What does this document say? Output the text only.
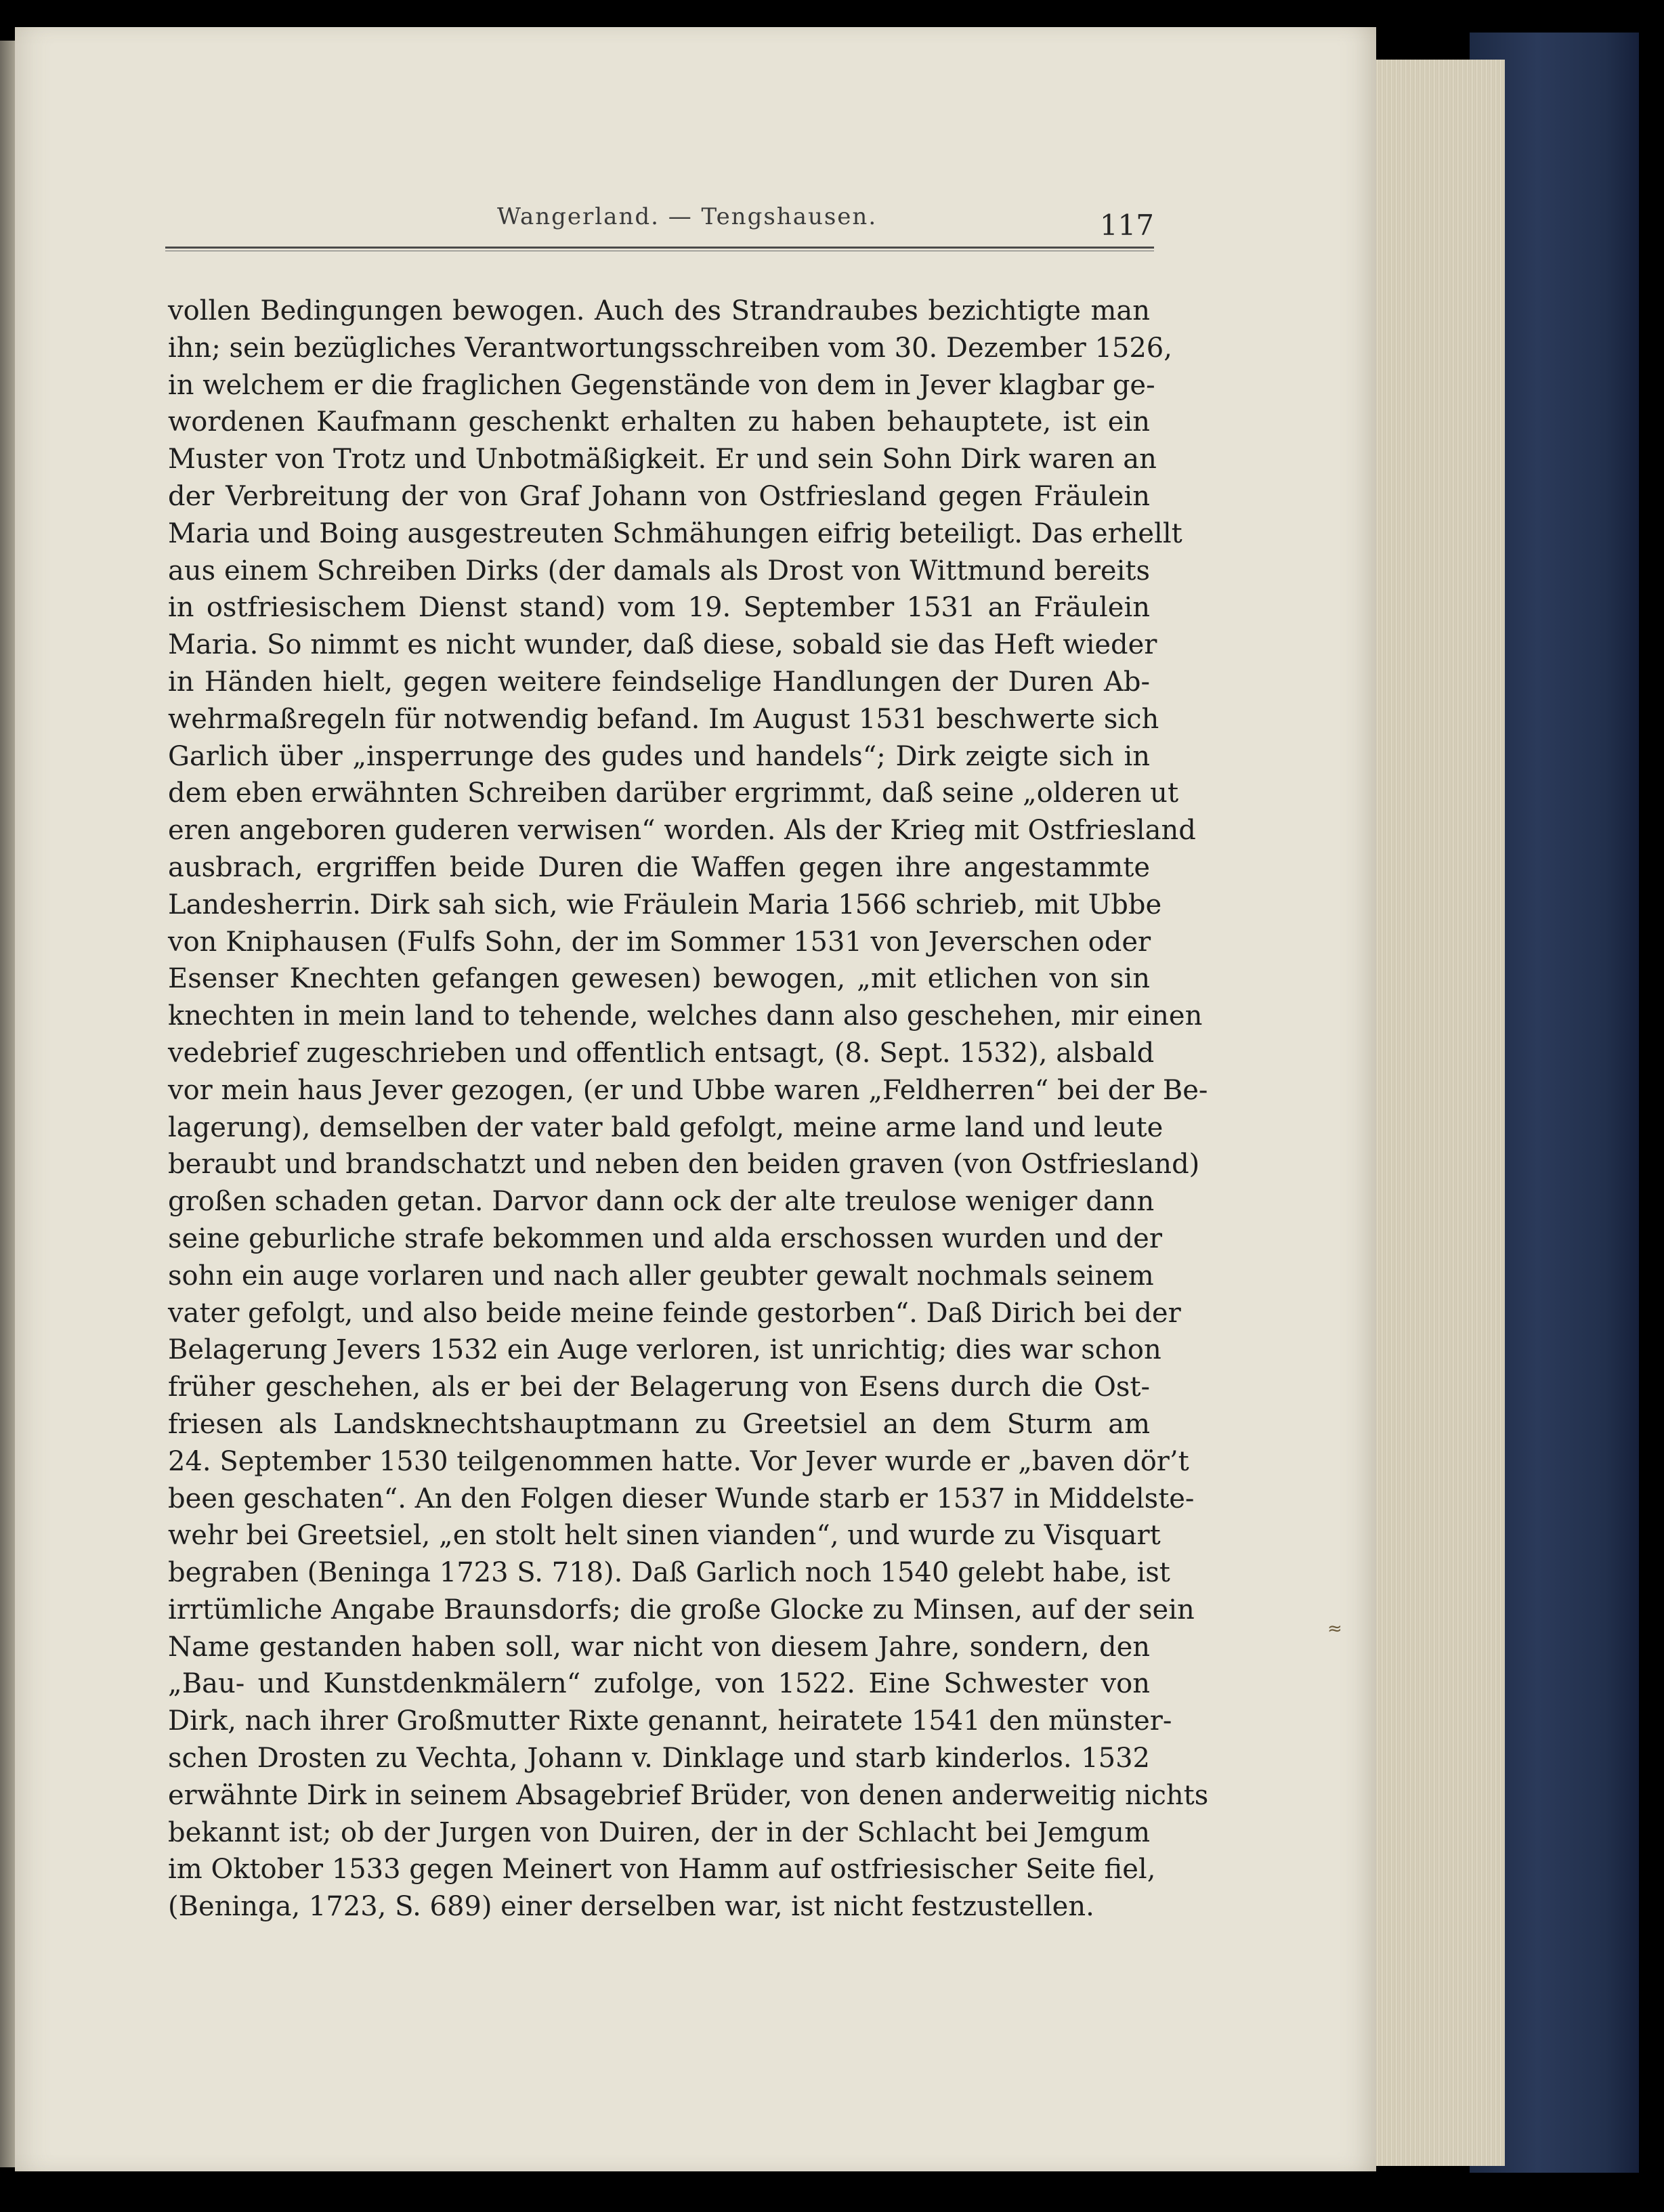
Wangerland. — Tengshausen.	117
vollen Bedingungen bewogen. Auch des Strandraubes bezichtigte man
ihn; sein bezügliches Verantwortungsschreiben vom 30. Dezember 1526,
in welchem er die fraglichen Gegenstände von dem in Jever klagbar ge-
wordenen Kaufmann geschenkt erhalten zu haben behauptete, ist ein
Muster von Trotz und Unbotmäßigkeit. Er und sein Sohn Dirk waren an
der Verbreitung der von Graf Johann von Ostfriesland gegen Fräulein
Maria und Boing ausgestreuten Schmähungen eifrig beteiligt. Das erhellt
aus einem Schreiben Dirks (der damals als Drost von Wittmund bereits
in ostfriesischem Dienst stand) vom 19. September 1531 an Fräulein
Maria. So nimmt es nicht wunder, daß diese, sobald sie das Heft wieder
in Händen hielt, gegen weitere feindselige Handlungen der Duren Ab-
wehrmaßregeln für notwendig befand. Im August 1531 beschwerte sich
Garlich über „insperrunge des gudes und handels“; Dirk zeigte sich in
dem eben erwähnten Schreiben darüber ergrimmt, daß seine „olderen ut
eren angeboren guderen verwisen“ worden. Als der Krieg mit Ostfriesland
ausbrach, ergriffen beide Duren die Waffen gegen ihre angestammte
Landesherrin. Dirk sah sich, wie Fräulein Maria 1566 schrieb, mit Ubbe
von Kniphausen (Fulfs Sohn, der im Sommer 1531 von Jeverschen oder
Esenser Knechten gefangen gewesen) bewogen, „mit etlichen von sin
knechten in mein land to tehende, welches dann also geschehen, mir einen
vedebrief zugeschrieben und offentlich entsagt, (8. Sept. 1532), alsbald
vor mein haus Jever gezogen, (er und Ubbe waren „Feldherren“ bei der Be-
lagerung), demselben der vater bald gefolgt, meine arme land und leute
beraubt und brandschatzt und neben den beiden graven (von Ostfriesland)
großen schaden getan. Darvor dann ock der alte treulose weniger dann
seine geburliche strafe bekommen und alda erschossen wurden und der
sohn ein auge vorlaren und nach aller geubter gewalt nochmals seinem
vater gefolgt, und also beide meine feinde gestorben“. Daß Dirich bei der
Belagerung Jevers 1532 ein Auge verloren, ist unrichtig; dies war schon
früher geschehen, als er bei der Belagerung von Esens durch die Ost-
friesen als Landsknechtshauptmann zu Greetsiel an dem Sturm am
24. September 1530 teilgenommen hatte. Vor Jever wurde er „baven dör’t
been geschaten“. An den Folgen dieser Wunde starb er 1537 in Middelste-
wehr bei Greetsiel, „en stolt helt sinen vianden“, und wurde zu Visquart
begraben (Beninga 1723 S. 718). Daß Garlich noch 1540 gelebt habe, ist
irrtümliche Angabe Braunsdorfs; die große Glocke zu Minsen, auf der sein
Name gestanden haben soll, war nicht von diesem Jahre, sondern, den
„Bau- und Kunstdenkmälern“ zufolge, von 1522. Eine Schwester von
Dirk, nach ihrer Großmutter Rixte genannt, heiratete 1541 den münster-
schen Drosten zu Vechta, Johann v. Dinklage und starb kinderlos. 1532
erwähnte Dirk in seinem Absagebrief Brüder, von denen anderweitig nichts
bekannt ist; ob der Jurgen von Duiren, der in der Schlacht bei Jemgum
im Oktober 1533 gegen Meinert von Hamm auf ostfriesischer Seite fiel,
(Beninga, 1723, S. 689) einer derselben war, ist nicht festzustellen.
≈
